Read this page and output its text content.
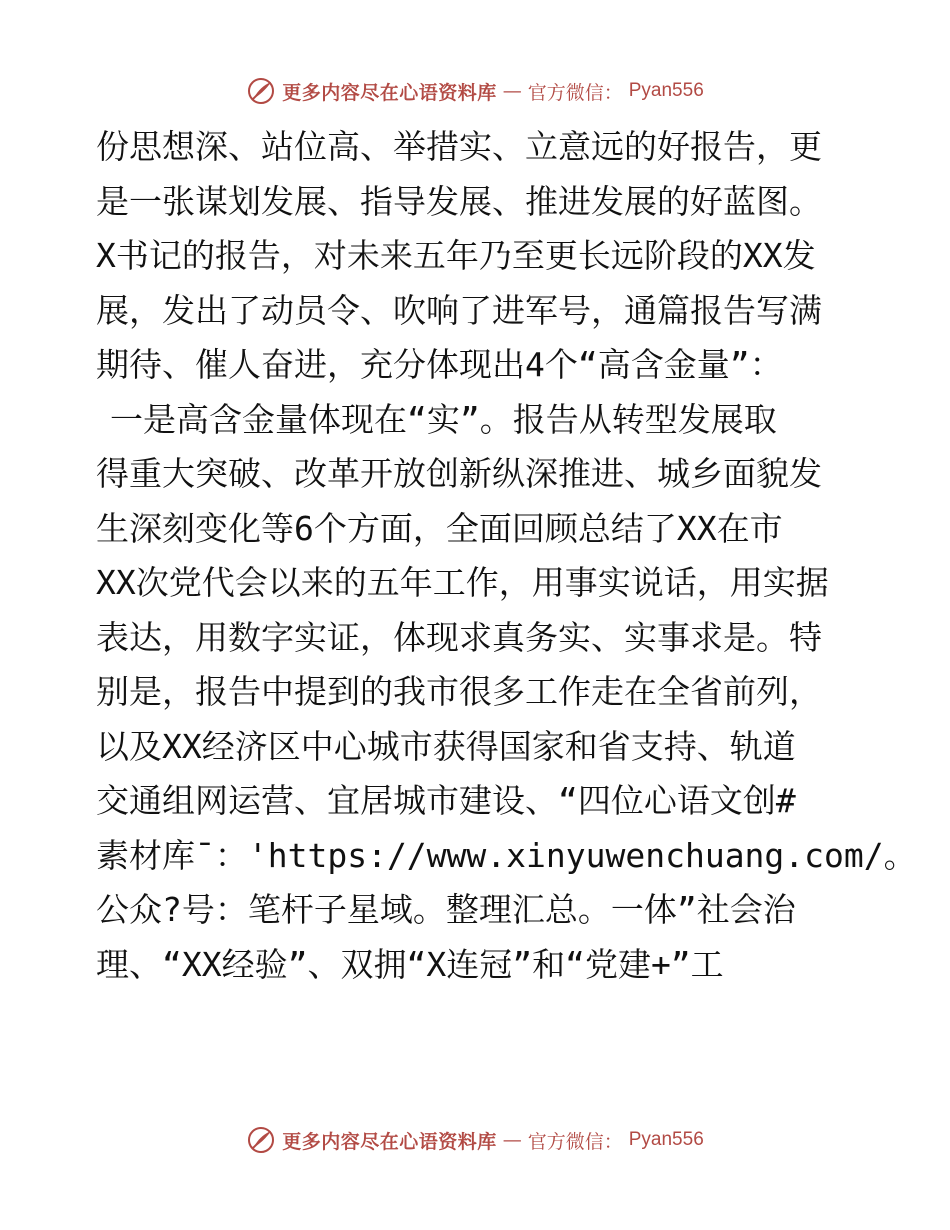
更多内容尽在心语资料库 — 官方微信： Pyan556
份思想深、站位高、举措实、立意远的好报告，更
是一张谋划发展、指导发展、推进发展的好蓝图。
X书记的报告，对未来五年乃至更长远阶段的XX发
展，发出了动员令、吹响了进军号，通篇报告写满
期待、催人奋进，充分体现出4个“高含金量”：
一是高含金量体现在“实”。报告从转型发展取
得重大突破、改革开放创新纵深推进、城乡面貌发
生深刻变化等6个方面，全面回顾总结了XX在市
XX次党代会以来的五年工作，用事实说话，用实据
表达，用数字实证，体现求真务实、实事求是。特
别是，报告中提到的我市很多工作走在全省前列，
以及XX经济区中心城市获得国家和省支持、轨道
交通组网运营、宜居城市建设、“四位心语文创#
素材库¯：'https://www.xinyuwenchuang.com/。
公众?号：笔杆子星域。整理汇总。一体”社会治
理、“XX经验”、双拥“X连冠”和“党建+”工
更多内容尽在心语资料库 — 官方微信： Pyan556
